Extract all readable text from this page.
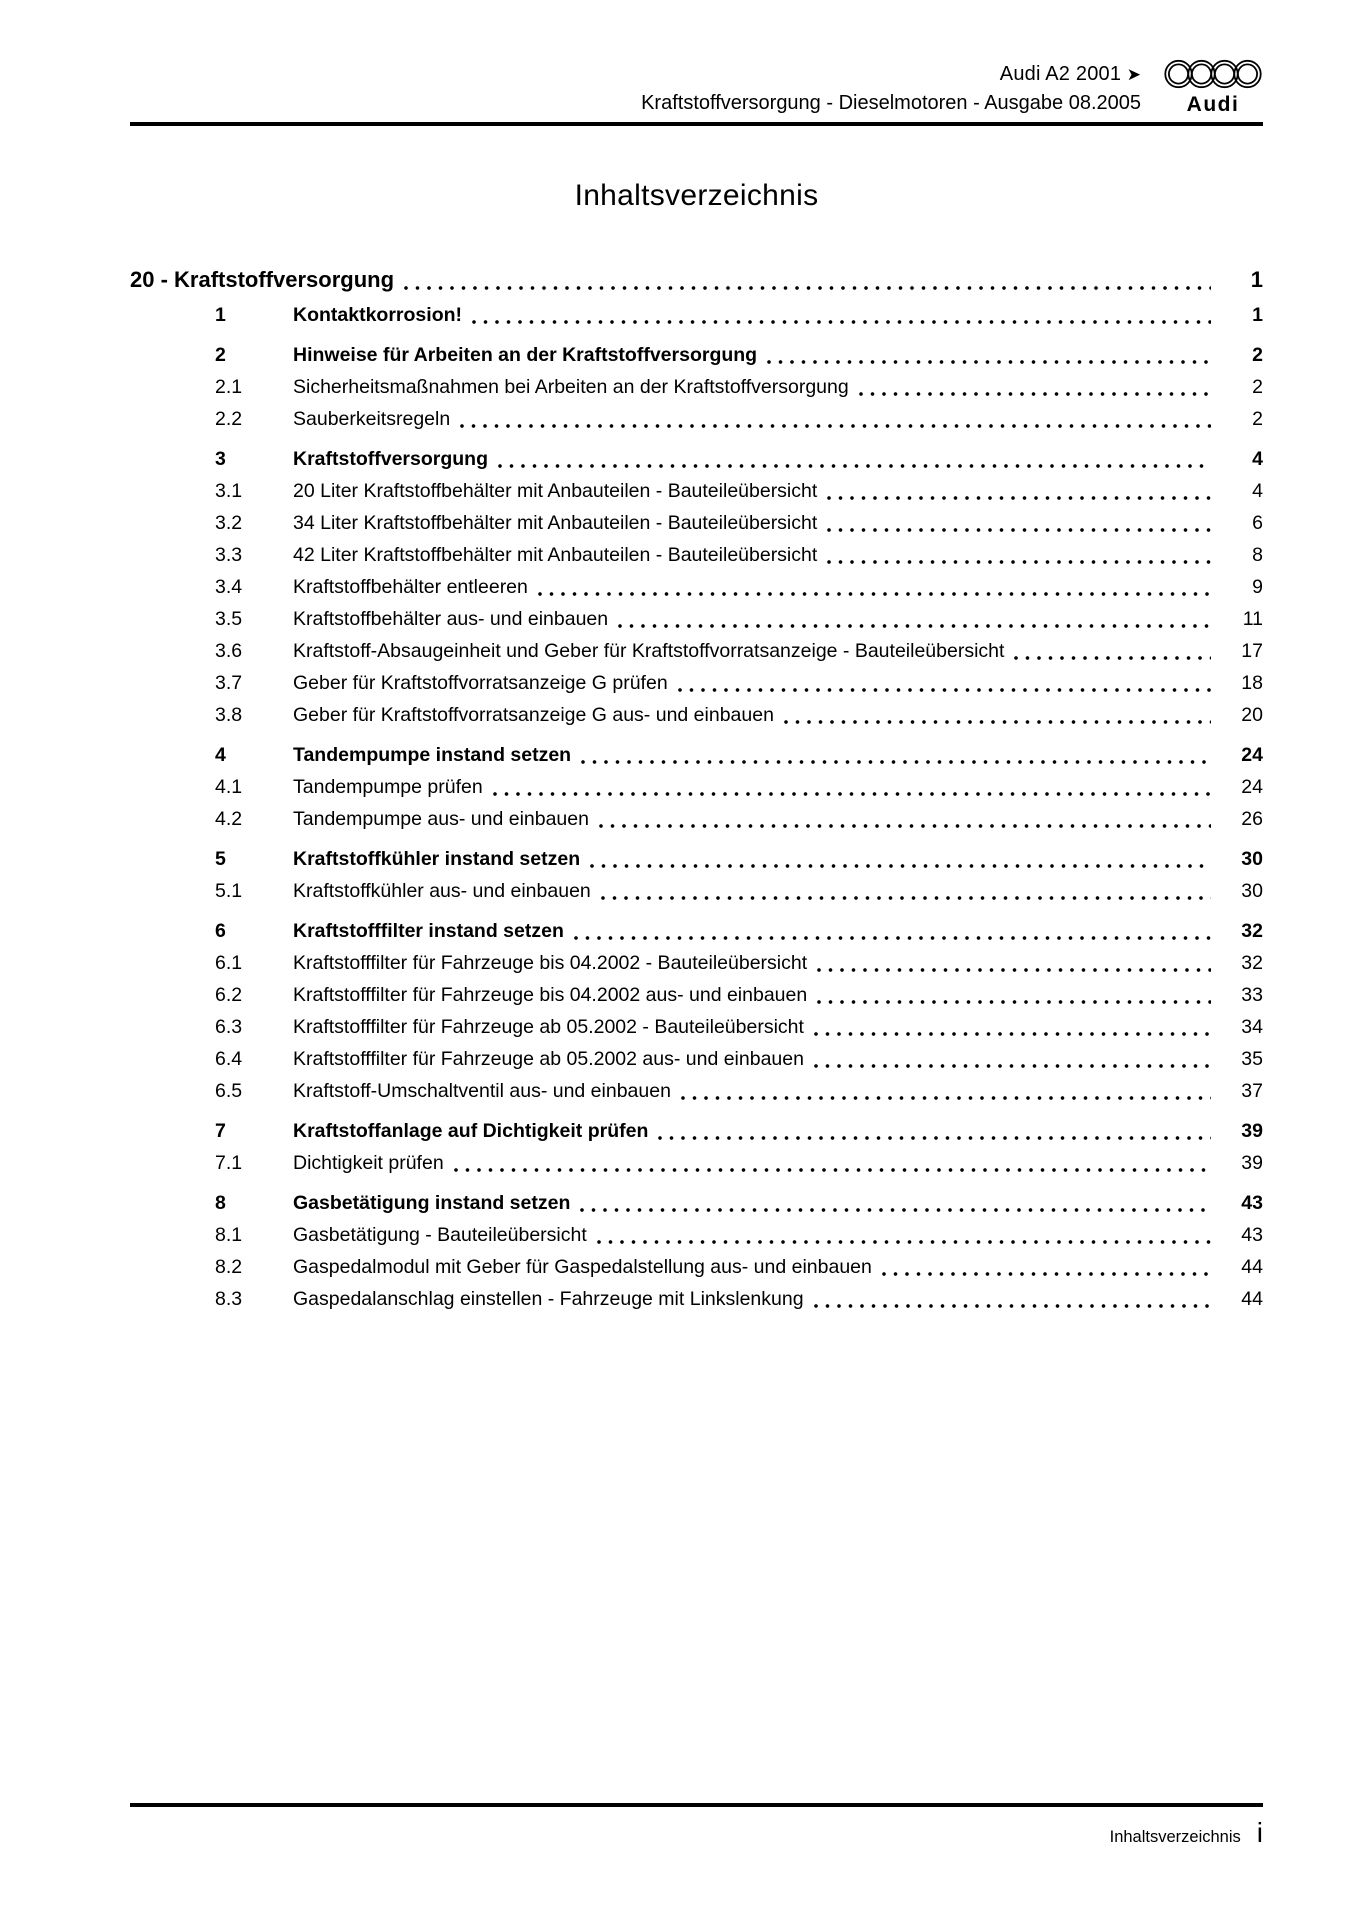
Audi A2 2001 ➤
Kraftstoffversorgung - Dieselmotoren - Ausgabe 08.2005 Audi
Inhaltsverzeichnis
20 - Kraftstoffversorgung	1
1	Kontaktkorrosion!	1
2	Hinweise für Arbeiten an der Kraftstoffversorgung	2
2.1	Sicherheitsmaßnahmen bei Arbeiten an der Kraftstoffversorgung	2
2.2	Sauberkeitsregeln	2
3	Kraftstoffversorgung	4
3.1	20 Liter Kraftstoffbehälter mit Anbauteilen - Bauteileübersicht	4
3.2	34 Liter Kraftstoffbehälter mit Anbauteilen - Bauteileübersicht	6
3.3	42 Liter Kraftstoffbehälter mit Anbauteilen - Bauteileübersicht	8
3.4	Kraftstoffbehälter entleeren	9
3.5	Kraftstoffbehälter aus- und einbauen	11
3.6	Kraftstoff-Absaugeinheit und Geber für Kraftstoffvorratsanzeige - Bauteileübersicht	17
3.7	Geber für Kraftstoffvorratsanzeige G prüfen	18
3.8	Geber für Kraftstoffvorratsanzeige G aus- und einbauen	20
4	Tandempumpe instand setzen	24
4.1	Tandempumpe prüfen	24
4.2	Tandempumpe aus- und einbauen	26
5	Kraftstoffkühler instand setzen	30
5.1	Kraftstoffkühler aus- und einbauen	30
6	Kraftstofffilter instand setzen	32
6.1	Kraftstofffilter für Fahrzeuge bis 04.2002 - Bauteileübersicht	32
6.2	Kraftstofffilter für Fahrzeuge bis 04.2002 aus- und einbauen	33
6.3	Kraftstofffilter für Fahrzeuge ab 05.2002 - Bauteileübersicht	34
6.4	Kraftstofffilter für Fahrzeuge ab 05.2002 aus- und einbauen	35
6.5	Kraftstoff-Umschaltventil aus- und einbauen	37
7	Kraftstoffanlage auf Dichtigkeit prüfen	39
7.1	Dichtigkeit prüfen	39
8	Gasbetätigung instand setzen	43
8.1	Gasbetätigung - Bauteileübersicht	43
8.2	Gaspedalmodul mit Geber für Gaspedalstellung aus- und einbauen	44
8.3	Gaspedalanschlag einstellen - Fahrzeuge mit Linkslenkung	44
Inhaltsverzeichnis i
